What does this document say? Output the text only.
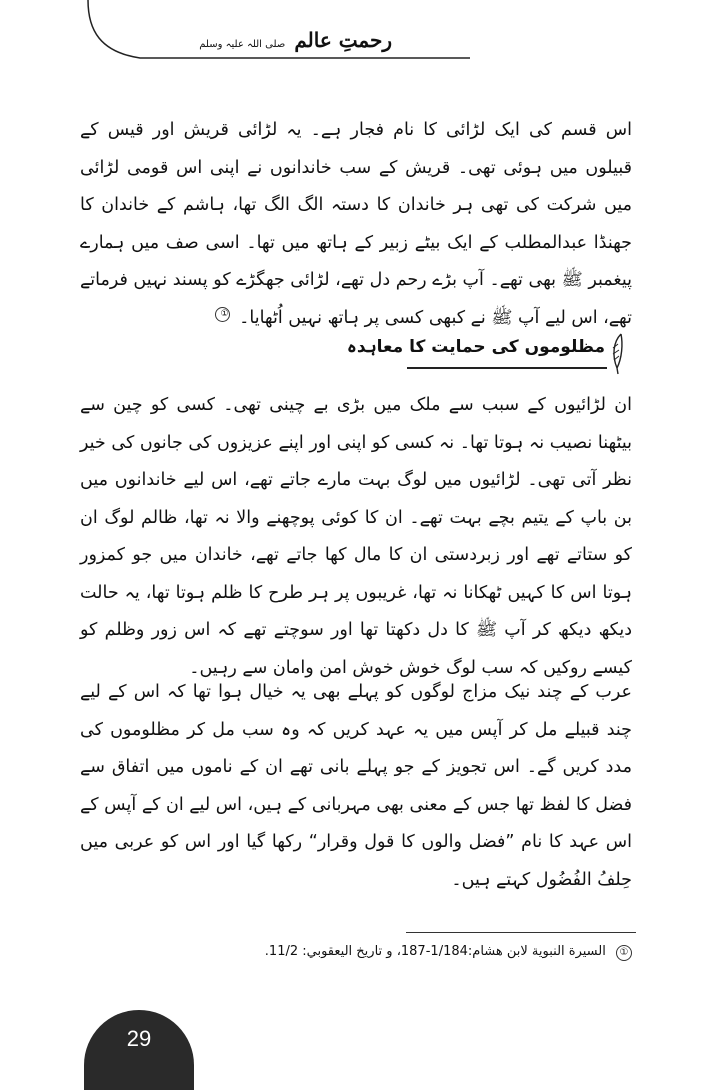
رحمتِ عالم صلی اللہ علیہ وسلم

اس قسم کی ایک لڑائی کا نام فجار ہے۔ یہ لڑائی قریش اور قیس کے قبیلوں میں ہوئی تھی۔ قریش کے سب خاندانوں نے اپنی اس قومی لڑائی میں شرکت کی تھی ہر خاندان کا دستہ الگ الگ تھا، ہاشم کے خاندان کا جھنڈا عبدالمطلب کے ایک بیٹے زبیر کے ہاتھ میں تھا۔ اسی صف میں ہمارے پیغمبر ﷺ بھی تھے۔ آپ بڑے رحم دل تھے، لڑائی جھگڑے کو پسند نہیں فرماتے تھے، اس لیے آپ ﷺ نے کبھی کسی پر ہاتھ نہیں اُٹھایا۔ ①

مظلوموں کی حمایت کا معاہدہ

ان لڑائیوں کے سبب سے ملک میں بڑی بے چینی تھی۔ کسی کو چین سے بیٹھنا نصیب نہ ہوتا تھا۔ نہ کسی کو اپنی اور اپنے عزیزوں کی جانوں کی خیر نظر آتی تھی۔ لڑائیوں میں لوگ بہت مارے جاتے تھے، اس لیے خاندانوں میں بن باپ کے یتیم بچے بہت تھے۔ ان کا کوئی پوچھنے والا نہ تھا، ظالم لوگ ان کو ستاتے تھے اور زبردستی ان کا مال کھا جاتے تھے، خاندان میں جو کمزور ہوتا اس کا کہیں ٹھکانا نہ تھا، غریبوں پر ہر طرح کا ظلم ہوتا تھا، یہ حالت دیکھ دیکھ کر آپ ﷺ کا دل دکھتا تھا اور سوچتے تھے کہ اس زور وظلم کو کیسے روکیں کہ سب لوگ خوش خوش امن وامان سے رہیں۔

عرب کے چند نیک مزاج لوگوں کو پہلے بھی یہ خیال ہوا تھا کہ اس کے لیے چند قبیلے مل کر آپس میں یہ عہد کریں کہ وہ سب مل کر مظلوموں کی مدد کریں گے۔ اس تجویز کے جو پہلے بانی تھے ان کے ناموں میں اتفاق سے فضل کا لفظ تھا جس کے معنی بھی مہربانی کے ہیں، اس لیے ان کے آپس کے اس عہد کا نام ”فضل والوں کا قول وقرار“ رکھا گیا اور اس کو عربی میں حِلفُ الفُضُول کہتے ہیں۔

① السيرة النبوية لابن هشام:1/184-187، و تاريخ اليعقوبي: 11/2.
29
